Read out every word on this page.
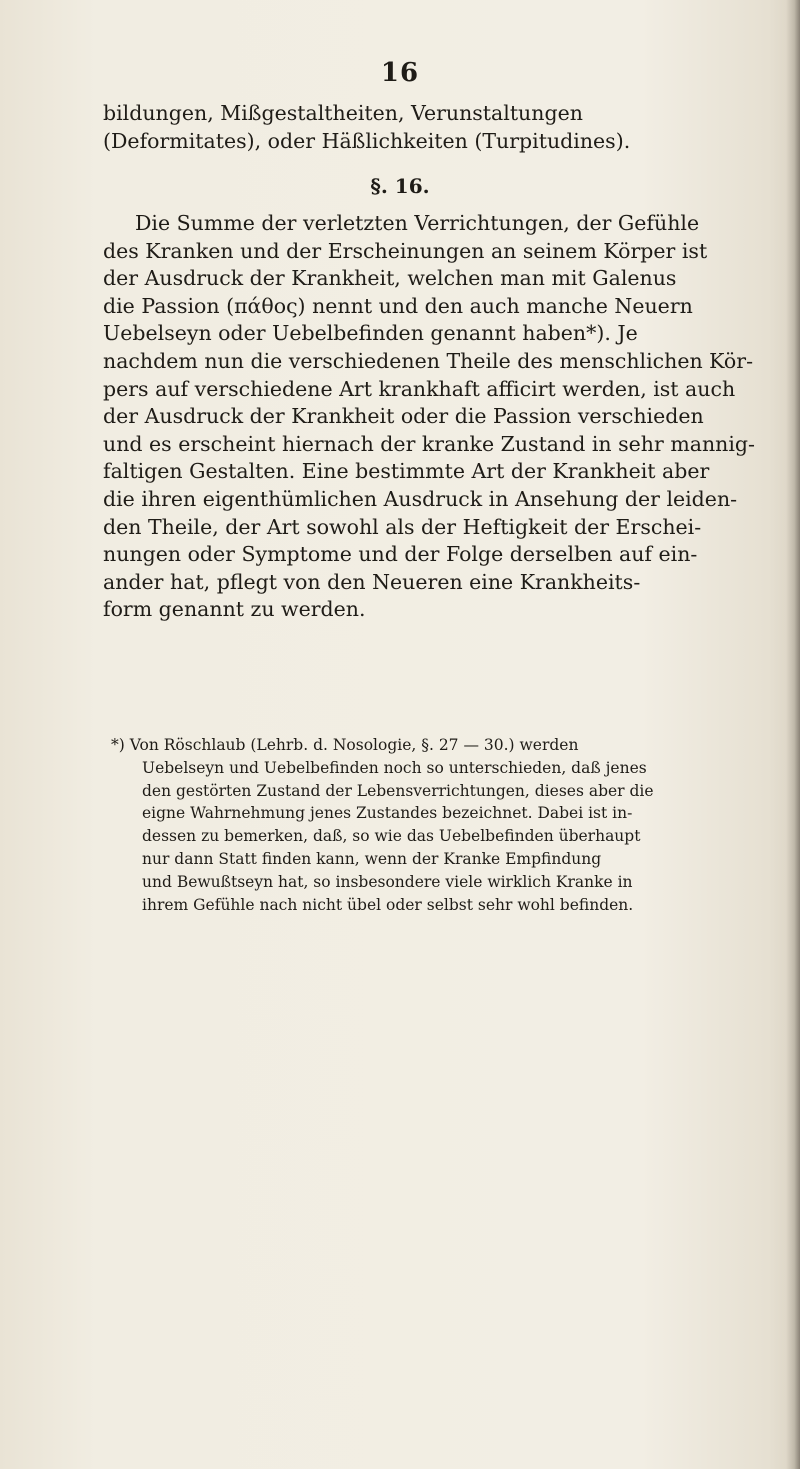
16
bildungen, Mißgestaltheiten, Verunstaltungen
(Deformitates), oder Häßlichkeiten (Turpitudines).
§. 16.
Die Summe der verletzten Verrichtungen, der Gefühle
des Kranken und der Erscheinungen an seinem Körper ist
der Ausdruck der Krankheit, welchen man mit Galenus
die Passion (πάθος) nennt und den auch manche Neuern
Uebelseyn oder Uebelbefinden genannt haben*). Je
nachdem nun die verschiedenen Theile des menschlichen Kör-
pers auf verschiedene Art krankhaft afficirt werden, ist auch
der Ausdruck der Krankheit oder die Passion verschieden
und es erscheint hiernach der kranke Zustand in sehr mannig-
faltigen Gestalten. Eine bestimmte Art der Krankheit aber
die ihren eigenthümlichen Ausdruck in Ansehung der leiden-
den Theile, der Art sowohl als der Heftigkeit der Erschei-
nungen oder Symptome und der Folge derselben auf ein-
ander hat, pflegt von den Neueren eine Krankheits-
form genannt zu werden.
*) Von Röschlaub (Lehrb. d. Nosologie, §. 27 — 30.) werden
Uebelseyn und Uebelbefinden noch so unterschieden, daß jenes
den gestörten Zustand der Lebensverrichtungen, dieses aber die
eigne Wahrnehmung jenes Zustandes bezeichnet. Dabei ist in-
dessen zu bemerken, daß, so wie das Uebelbefinden überhaupt
nur dann Statt finden kann, wenn der Kranke Empfindung
und Bewußtseyn hat, so insbesondere viele wirklich Kranke in
ihrem Gefühle nach nicht übel oder selbst sehr wohl befinden.
